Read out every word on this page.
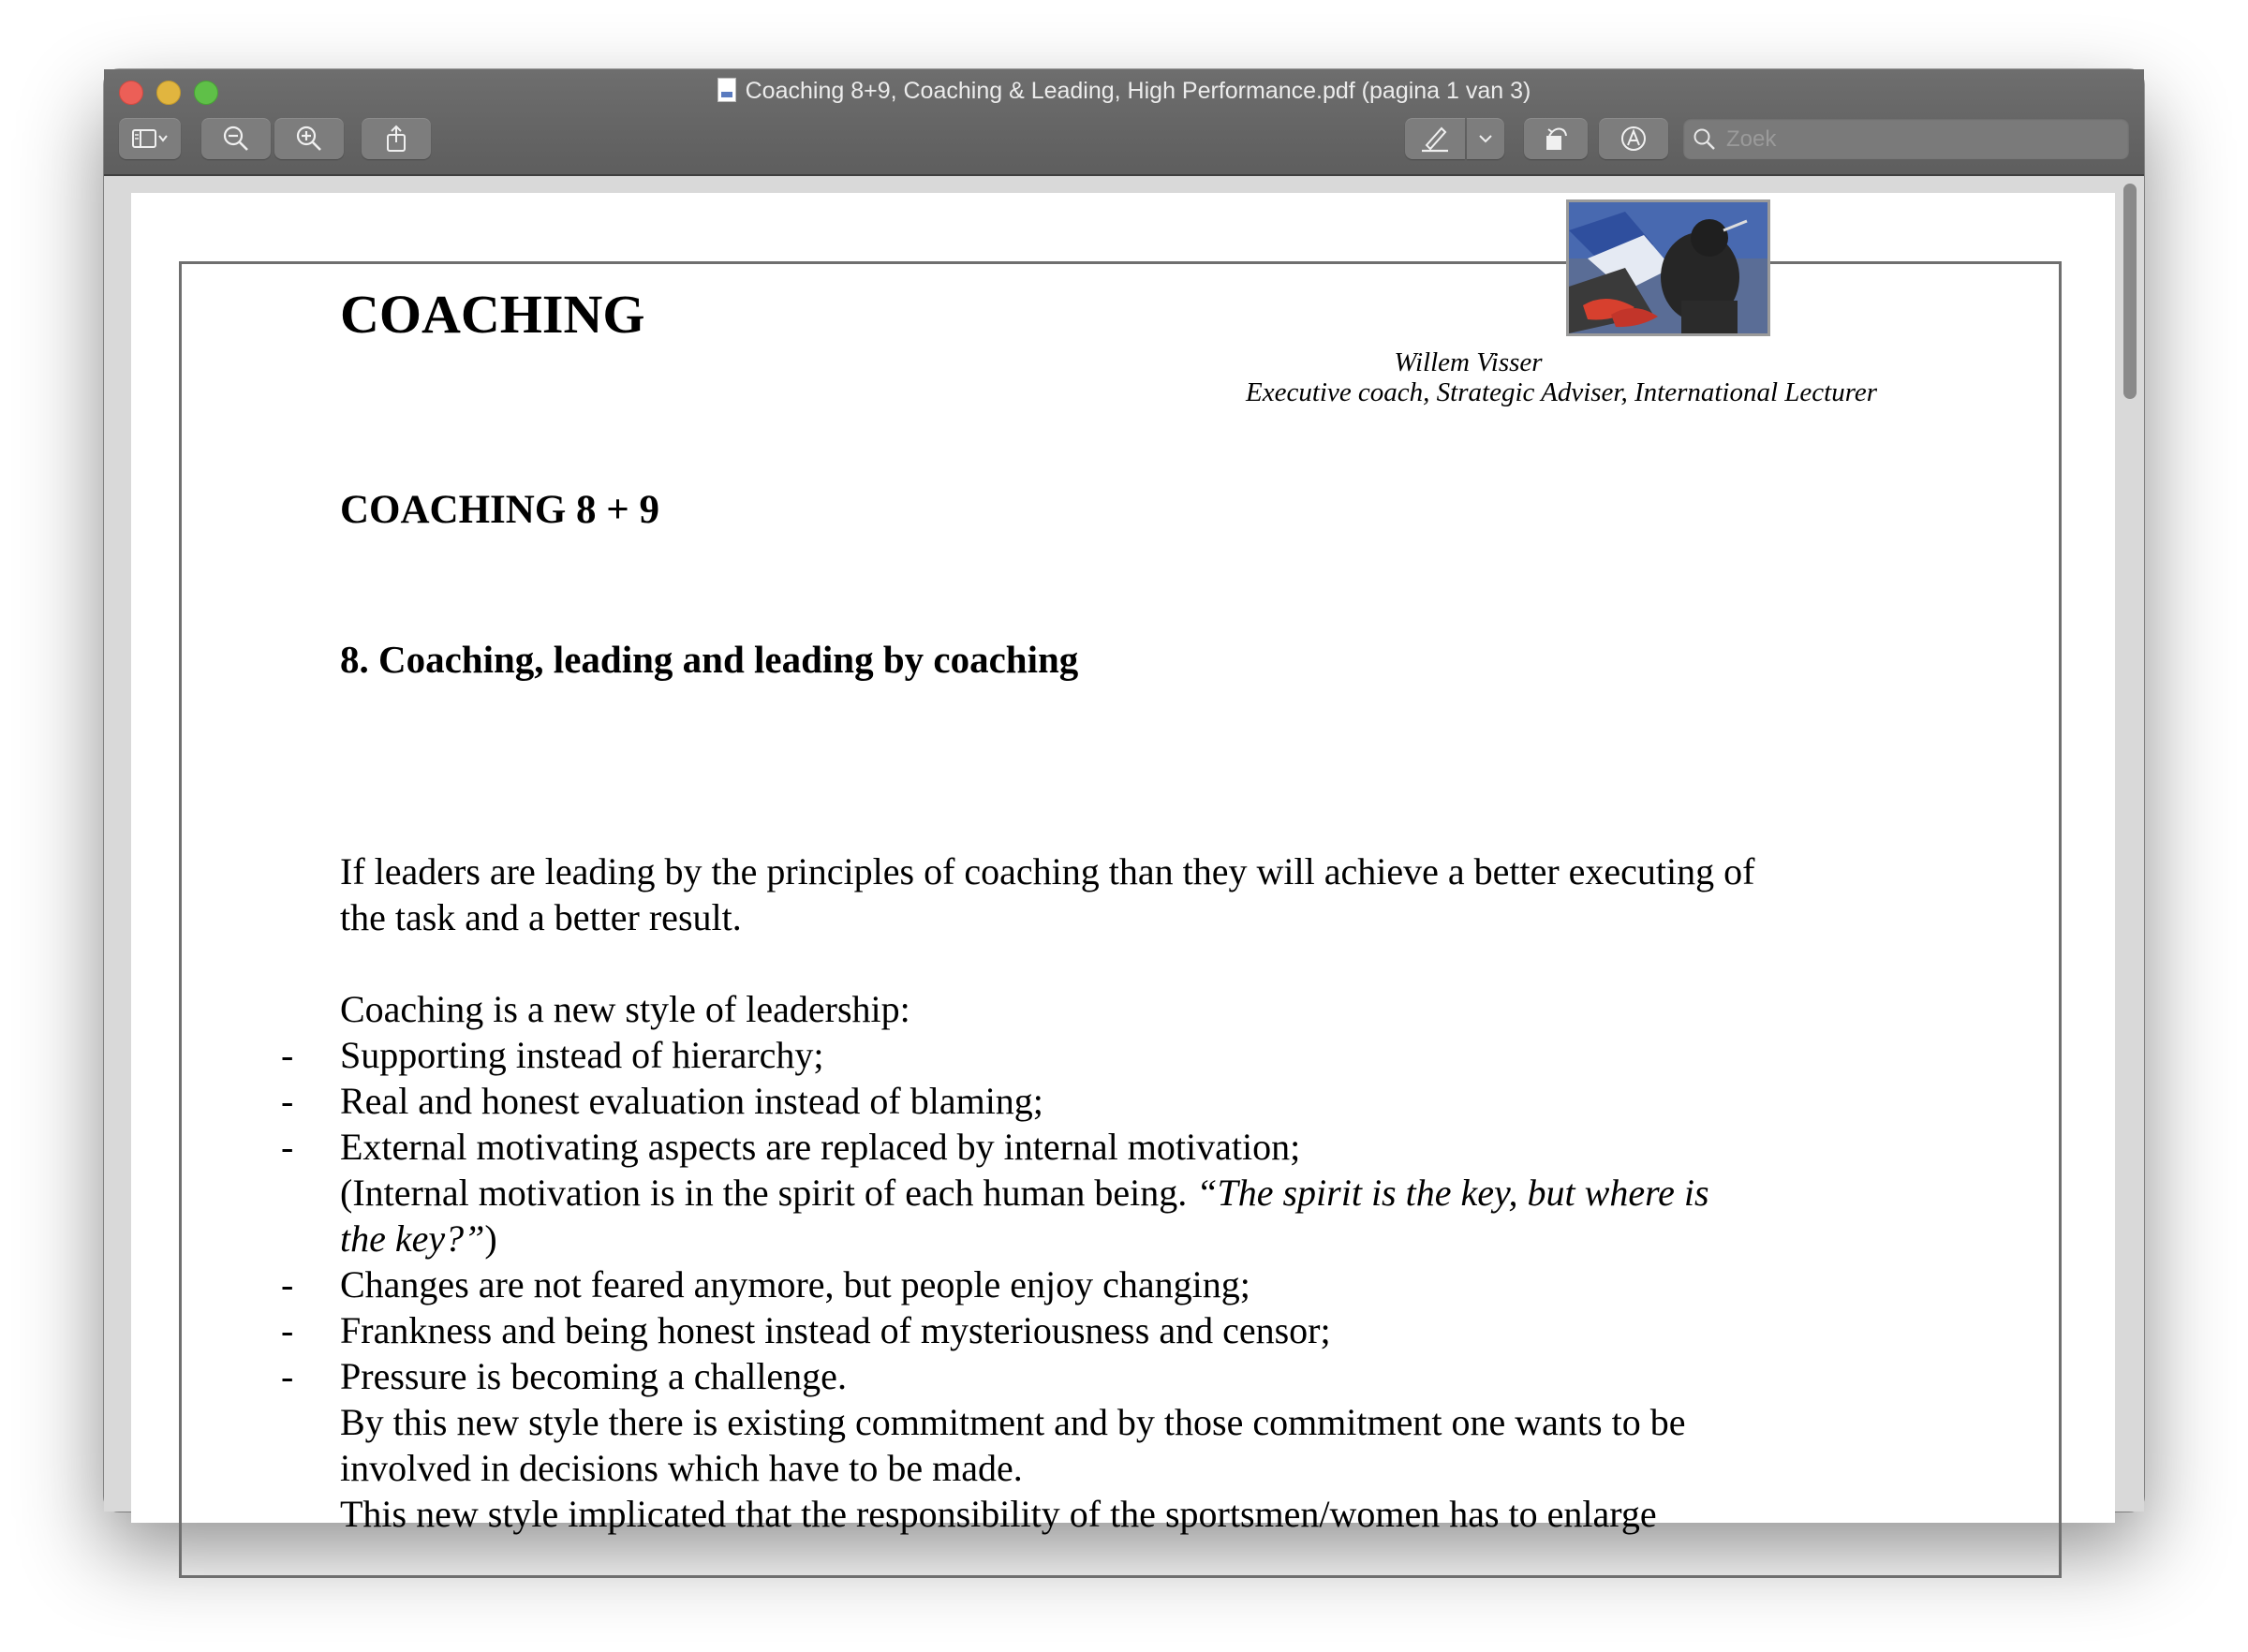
Coaching 8+9, Coaching & Leading, High Performance.pdf (pagina 1 van 3)
Zoek
COACHING
Willem Visser
Executive coach, Strategic Adviser, International Lecturer
COACHING 8 + 9
8. Coaching, leading and leading by coaching
If leaders are leading by the principles of coaching than they will achieve a better executing of
the task and a better result.
Coaching is a new style of leadership:
- Supporting instead of hierarchy;
- Real and honest evaluation instead of blaming;
- External motivating aspects are replaced by internal motivation;
(Internal motivation is in the spirit of each human being. “The spirit is the key, but where is
the key?”)
- Changes are not feared anymore, but people enjoy changing;
- Frankness and being honest instead of mysteriousness and censor;
- Pressure is becoming a challenge.
By this new style there is existing commitment and by those commitment one wants to be
involved in decisions which have to be made.
This new style implicated that the responsibility of the sportsmen/women has to enlarge
